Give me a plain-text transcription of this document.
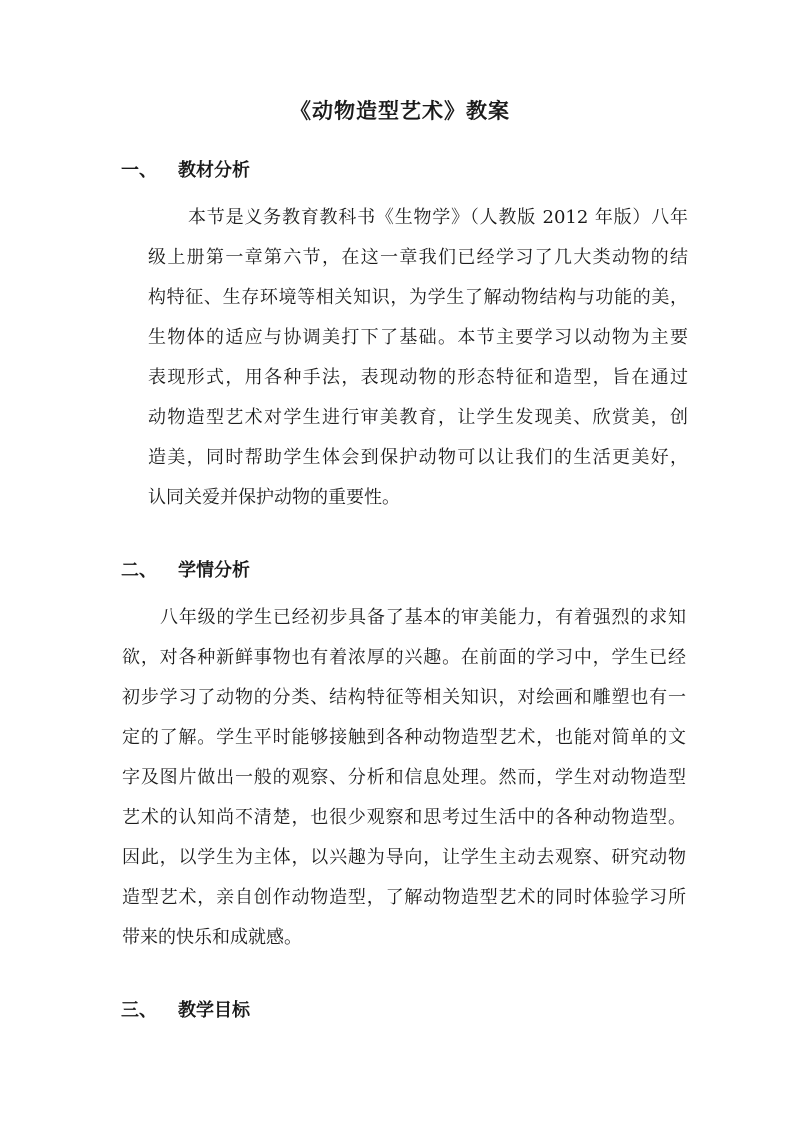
《动物造型艺术》教案
一、 教材分析
本节是义务教育教科书《生物学》（人教版 2012 年版）八年
级上册第一章第六节，在这一章我们已经学习了几大类动物的结
构特征、生存环境等相关知识，为学生了解动物结构与功能的美，
生物体的适应与协调美打下了基础。本节主要学习以动物为主要
表现形式，用各种手法，表现动物的形态特征和造型，旨在通过
动物造型艺术对学生进行审美教育，让学生发现美、欣赏美，创
造美，同时帮助学生体会到保护动物可以让我们的生活更美好，
认同关爱并保护动物的重要性。
二、 学情分析
八年级的学生已经初步具备了基本的审美能力，有着强烈的求知
欲，对各种新鲜事物也有着浓厚的兴趣。在前面的学习中，学生已经
初步学习了动物的分类、结构特征等相关知识，对绘画和雕塑也有一
定的了解。学生平时能够接触到各种动物造型艺术，也能对简单的文
字及图片做出一般的观察、分析和信息处理。然而，学生对动物造型
艺术的认知尚不清楚，也很少观察和思考过生活中的各种动物造型。
因此，以学生为主体，以兴趣为导向，让学生主动去观察、研究动物
造型艺术，亲自创作动物造型，了解动物造型艺术的同时体验学习所
带来的快乐和成就感。
三、 教学目标
